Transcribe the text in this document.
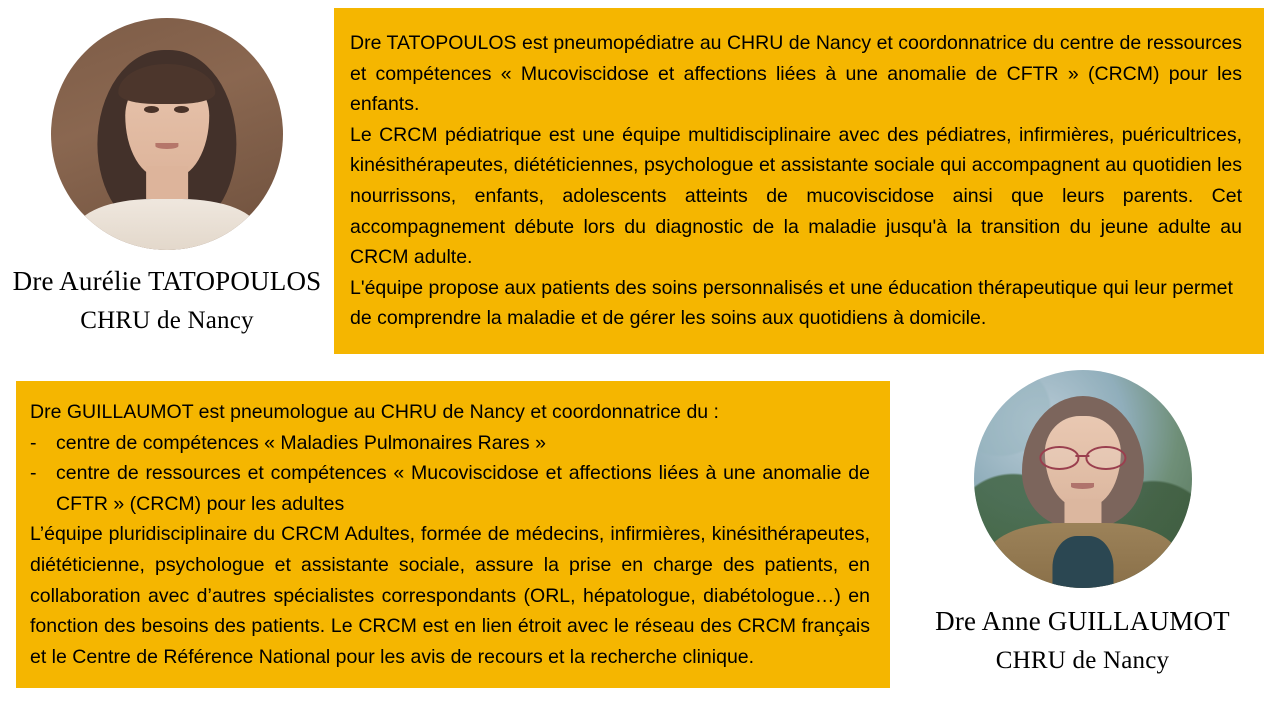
Dre Aurélie TATOPOULOS
CHRU de Nancy

Dre TATOPOULOS est pneumopédiatre au CHRU de Nancy et coordonnatrice du centre de ressources et compétences « Mucoviscidose et affections liées à une anomalie de CFTR » (CRCM) pour les enfants.

Le CRCM pédiatrique est une équipe multidisciplinaire avec des pédiatres, infirmières, puéricultrices, kinésithérapeutes, diététiciennes, psychologue et assistante sociale qui accompagnent au quotidien les nourrissons, enfants, adolescents atteints de mucoviscidose ainsi que leurs parents. Cet accompagnement débute lors du diagnostic de la maladie jusqu'à la transition du jeune adulte au CRCM adulte.

L'équipe propose aux patients des soins personnalisés et une éducation thérapeutique qui leur permet de comprendre la maladie et de gérer les soins aux quotidiens à domicile.

Dre GUILLAUMOT est pneumologue au CHRU de Nancy et coordonnatrice du :

-	centre de compétences « Maladies Pulmonaires Rares »
-	centre de ressources et compétences « Mucoviscidose et affections liées à une anomalie de CFTR » (CRCM) pour les adultes

L’équipe pluridisciplinaire du CRCM Adultes, formée de médecins, infirmières, kinésithérapeutes, diététicienne, psychologue et assistante sociale, assure la prise en charge des patients, en collaboration avec d’autres spécialistes correspondants (ORL, hépatologue, diabétologue…) en fonction des besoins des patients. Le CRCM est en lien étroit avec le réseau des CRCM français et le Centre de Référence National pour les avis de recours et la recherche clinique.

Dre Anne GUILLAUMOT
CHRU de Nancy
